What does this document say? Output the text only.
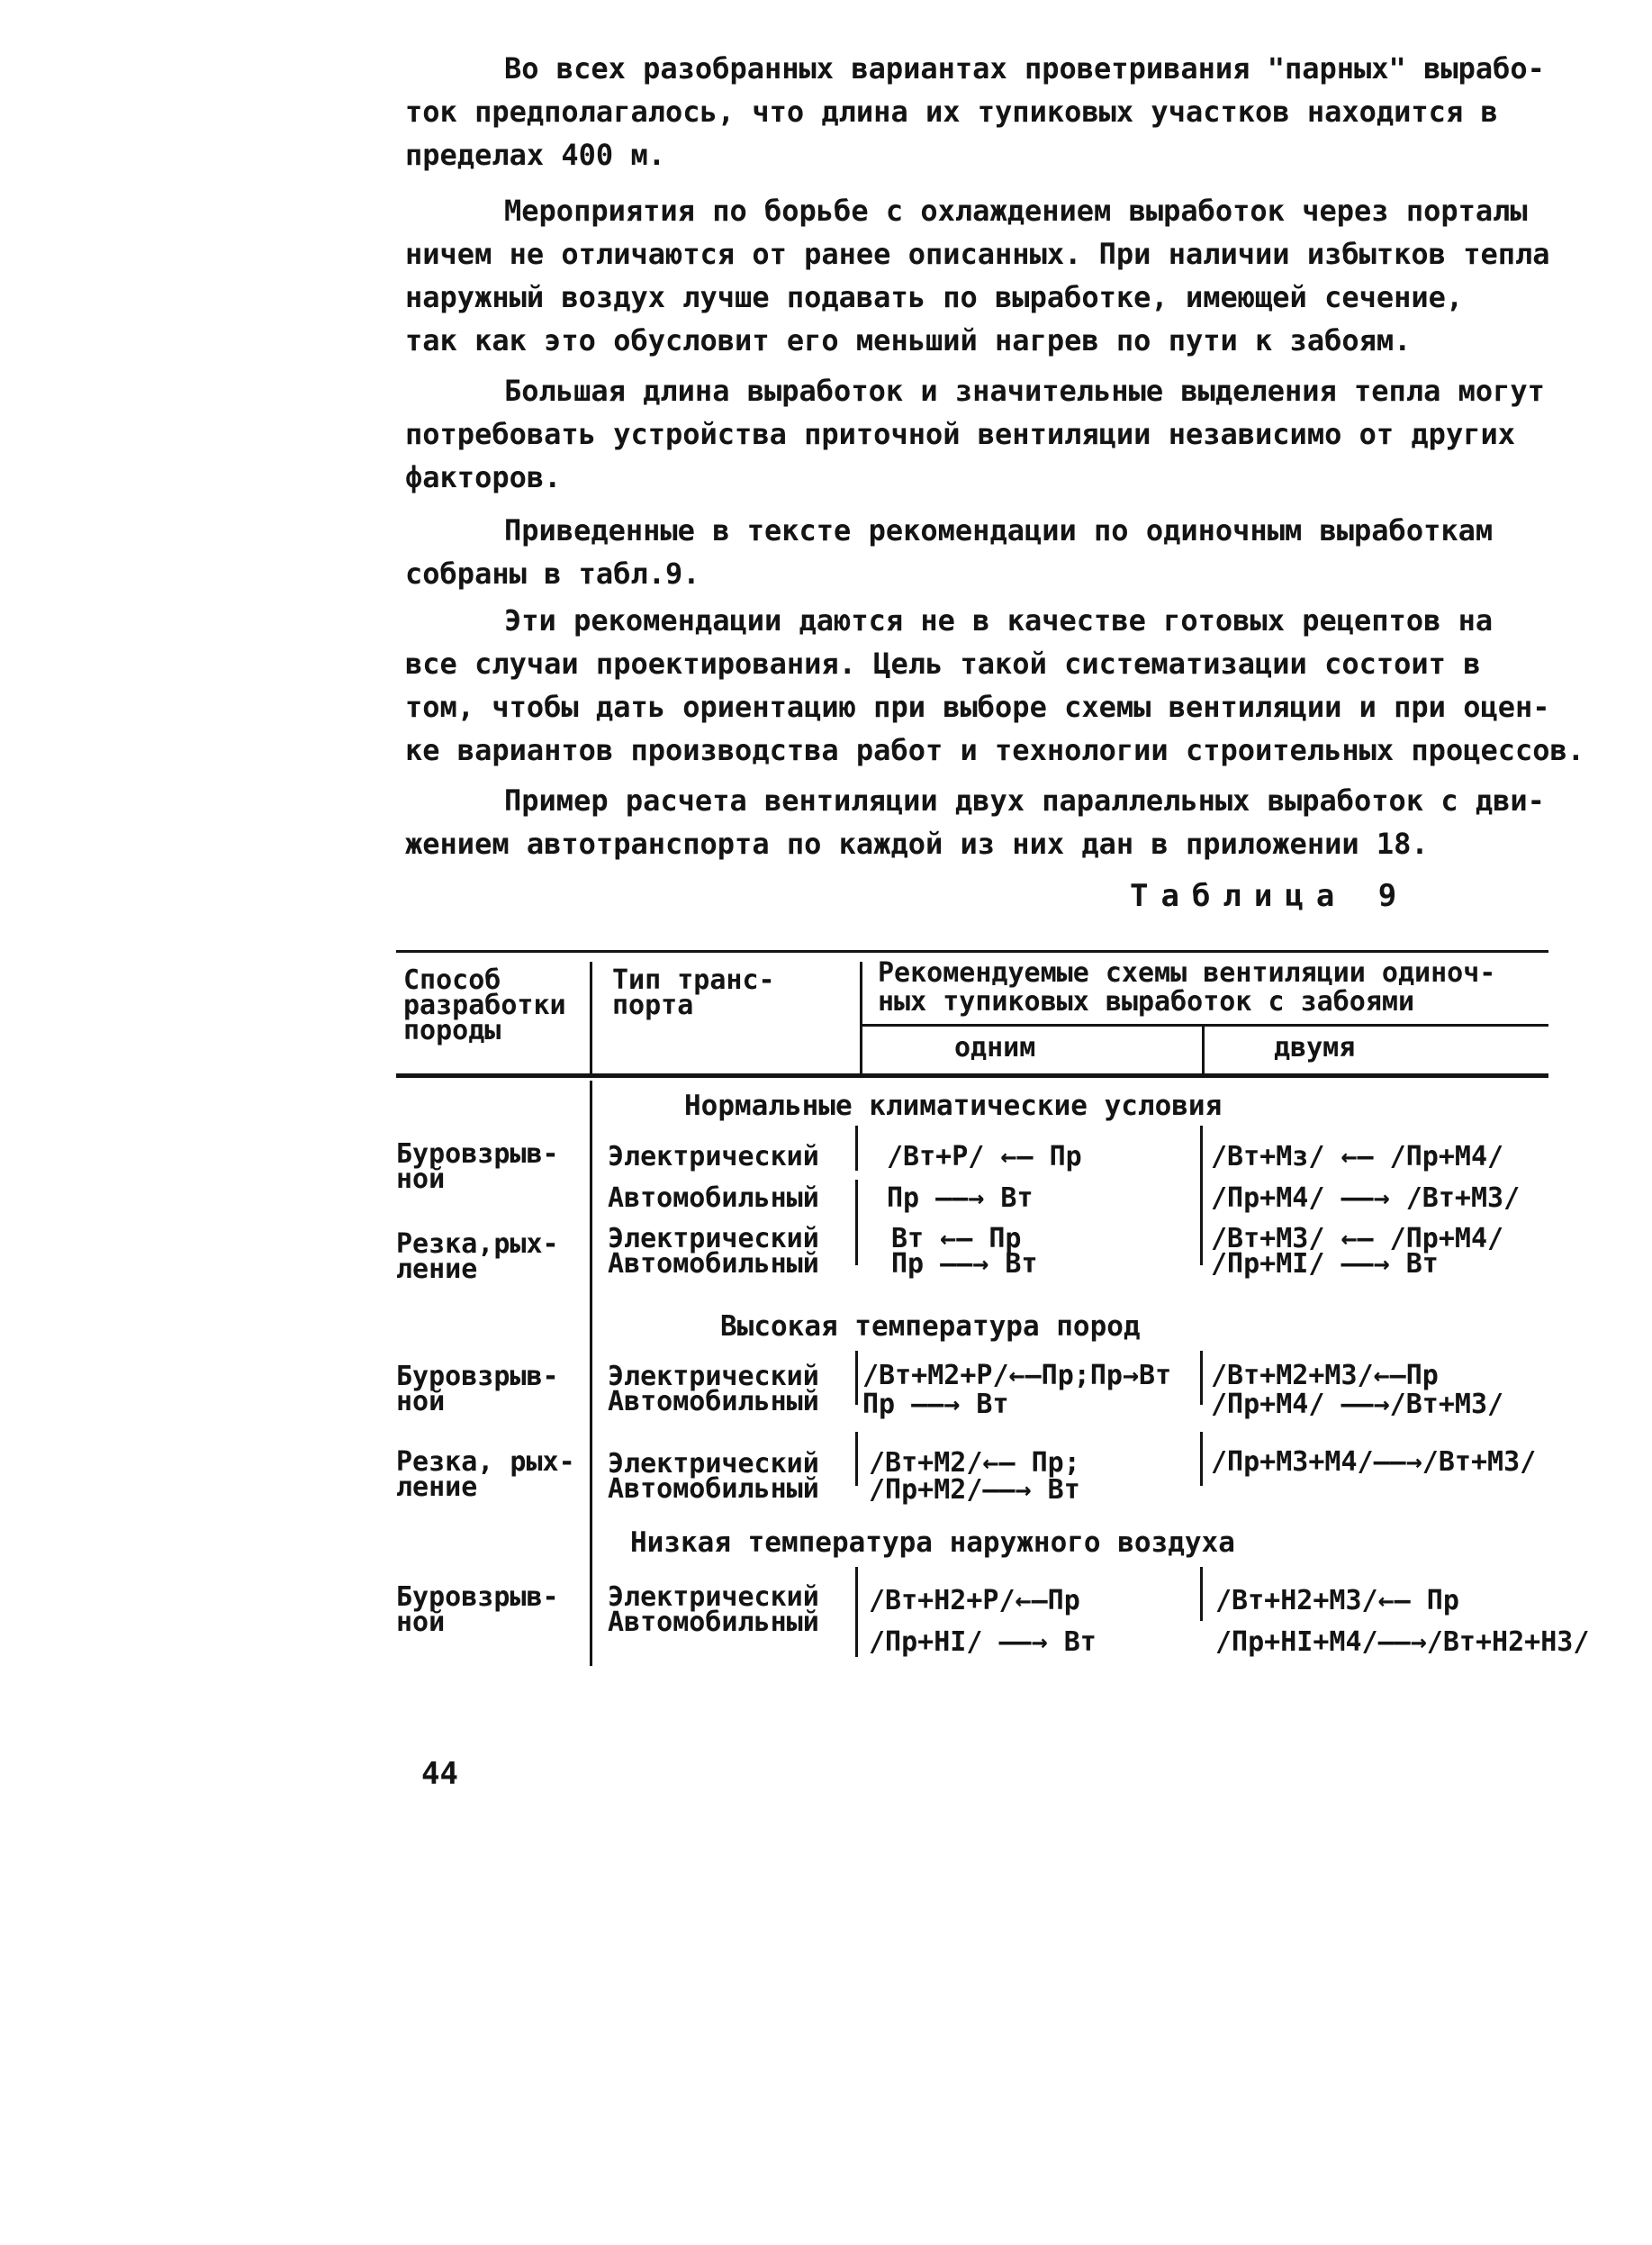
Во всех разобранных вариантах проветривания "парных" вырабо-
ток предполагалось, что длина их тупиковых участков находится в
пределах 400 м.

Мероприятия по борьбе с охлаждением выработок через порталы
ничем не отличаются от ранее описанных. При наличии избытков тепла
наружный воздух лучше подавать по выработке, имеющей сечение,
так как это обусловит его меньший нагрев по пути к забоям.

Большая длина выработок и значительные выделения тепла могут
потребовать устройства приточной вентиляции независимо от других
факторов.

Приведенные в тексте рекомендации по одиночным выработкам
собраны в табл.9.

Эти рекомендации даются не в качестве готовых рецептов на
все случаи проектирования. Цель такой систематизации состоит в
том, чтобы дать ориентацию при выборе схемы вентиляции и при оцен-
ке вариантов производства работ и технологии строительных процессов.

Пример расчета вентиляции двух параллельных выработок с дви-
жением автотранспорта по каждой из них дан в приложении 18.

Таблица 9
Способ
разработки
породы
Тип транс-
порта
Рекомендуемые схемы вентиляции одиноч-
ных тупиковых выработок с забоями
одним	двумя
Нормальные климатические условия
Буровзрыв-
ной
Электрический
Автомобильный
/Вт+Р/ ←— Пр
Пр ——→ Вт
/Вт+Мз/ ←— /Пр+М4/
/Пр+М4/ ——→ /Вт+М3/
Резка,рых-
ление
Электрический
Автомобильный
Вт ←— Пр
Пр ——→ Вт
/Вт+М3/ ←— /Пр+М4/
/Пр+МI/ ——→ Вт
Высокая температура пород
Буровзрыв-
ной
Электрический
Автомобильный
/Вт+М2+Р/←—Пр;Пр→Вт
Пр ——→ Вт
/Вт+М2+М3/←—Пр
/Пр+М4/ ——→/Вт+М3/
Резка, рых-
ление
Электрический
Автомобильный
/Вт+М2/←— Пр;
/Пр+М2/——→ Вт
/Пр+М3+М4/——→/Вт+М3/
Низкая температура наружного воздуха
Буровзрыв-
ной
Электрический
Автомобильный
/Вт+Н2+Р/←—Пр
/Пр+НI/ ——→ Вт
/Вт+Н2+М3/←— Пр
/Пр+НI+М4/——→/Вт+Н2+Н3/
44
